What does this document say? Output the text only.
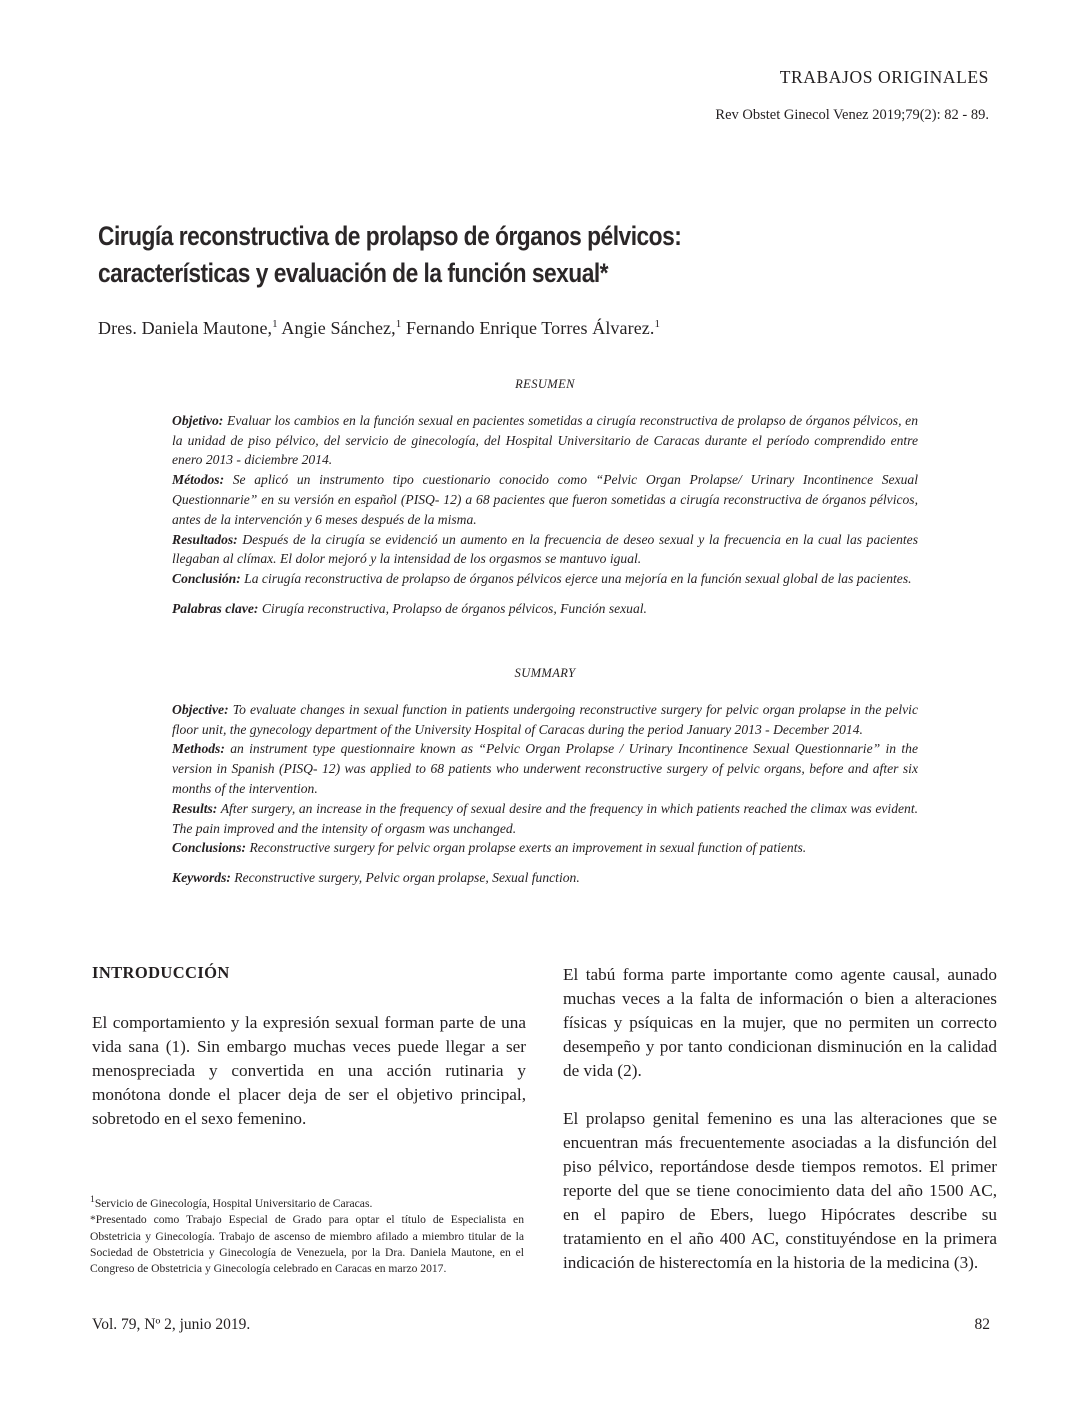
TRABAJOS ORIGINALES
Rev Obstet Ginecol Venez 2019;79(2): 82 - 89.
Cirugía reconstructiva de prolapso de órganos pélvicos:
características y evaluación de la función sexual*
Dres. Daniela Mautone,$^1$ Angie Sánchez,$^1$ Fernando Enrique Torres Álvarez.$^1$
RESUMEN

Objetivo: Evaluar los cambios en la función sexual en pacientes sometidas a cirugía reconstructiva de prolapso de órganos pélvicos, en la unidad de piso pélvico, del servicio de ginecología, del Hospital Universitario de Caracas durante el período comprendido entre enero 2013 - diciembre 2014.

Métodos: Se aplicó un instrumento tipo cuestionario conocido como “Pelvic Organ Prolapse/ Urinary Incontinence Sexual Questionnarie” en su versión en español (PISQ- 12) a 68 pacientes que fueron sometidas a cirugía reconstructiva de órganos pélvicos, antes de la intervención y 6 meses después de la misma.

Resultados: Después de la cirugía se evidenció un aumento en la frecuencia de deseo sexual y la frecuencia en la cual las pacientes llegaban al clímax. El dolor mejoró y la intensidad de los orgasmos se mantuvo igual.

Conclusión: La cirugía reconstructiva de prolapso de órganos pélvicos ejerce una mejoría en la función sexual global de las pacientes.

Palabras clave: Cirugía reconstructiva, Prolapso de órganos pélvicos, Función sexual.

SUMMARY

Objective: To evaluate changes in sexual function in patients undergoing reconstructive surgery for pelvic organ prolapse in the pelvic floor unit, the gynecology department of the University Hospital of Caracas during the period January 2013 - December 2014.

Methods: an instrument type questionnaire known as “Pelvic Organ Prolapse / Urinary Incontinence Sexual Questionnarie” in the version in Spanish (PISQ- 12) was applied to 68 patients who underwent reconstructive surgery of pelvic organs, before and after six months of the intervention.

Results: After surgery, an increase in the frequency of sexual desire and the frequency in which patients reached the climax was evident. The pain improved and the intensity of orgasm was unchanged.

Conclusions: Reconstructive surgery for pelvic organ prolapse exerts an improvement in sexual function of patients.

Keywords: Reconstructive surgery, Pelvic organ prolapse, Sexual function.

INTRODUCCIÓN

El comportamiento y la expresión sexual forman parte de una vida sana (1). Sin embargo muchas veces puede llegar a ser menospreciada y convertida en una acción rutinaria y monótona donde el placer deja de ser el objetivo principal, sobretodo en el sexo femenino.

El tabú forma parte importante como agente causal, aunado muchas veces a la falta de información o bien a alteraciones físicas y psíquicas en la mujer, que no permiten un correcto desempeño y por tanto condicionan disminución en la calidad de vida (2).

El prolapso genital femenino es una las alteraciones que se encuentran más frecuentemente asociadas a la disfunción del piso pélvico, reportándose desde tiempos remotos. El primer reporte del que se tiene conocimiento data del año 1500 AC, en el papiro de Ebers, luego Hipócrates describe su tratamiento en el año 400 AC, constituyéndose en la primera indicación de histerectomía en la historia de la medicina (3).

$^1$Servicio de Ginecología, Hospital Universitario de Caracas.

*Presentado como Trabajo Especial de Grado para optar el título de Especialista en Obstetricia y Ginecología. Trabajo de ascenso de miembro afilado a miembro titular de la Sociedad de Obstetricia y Ginecología de Venezuela, por la Dra. Daniela Mautone, en el Congreso de Obstetricia y Ginecología celebrado en Caracas en marzo 2017.

Vol. 79, Nº 2, junio 2019.	82
